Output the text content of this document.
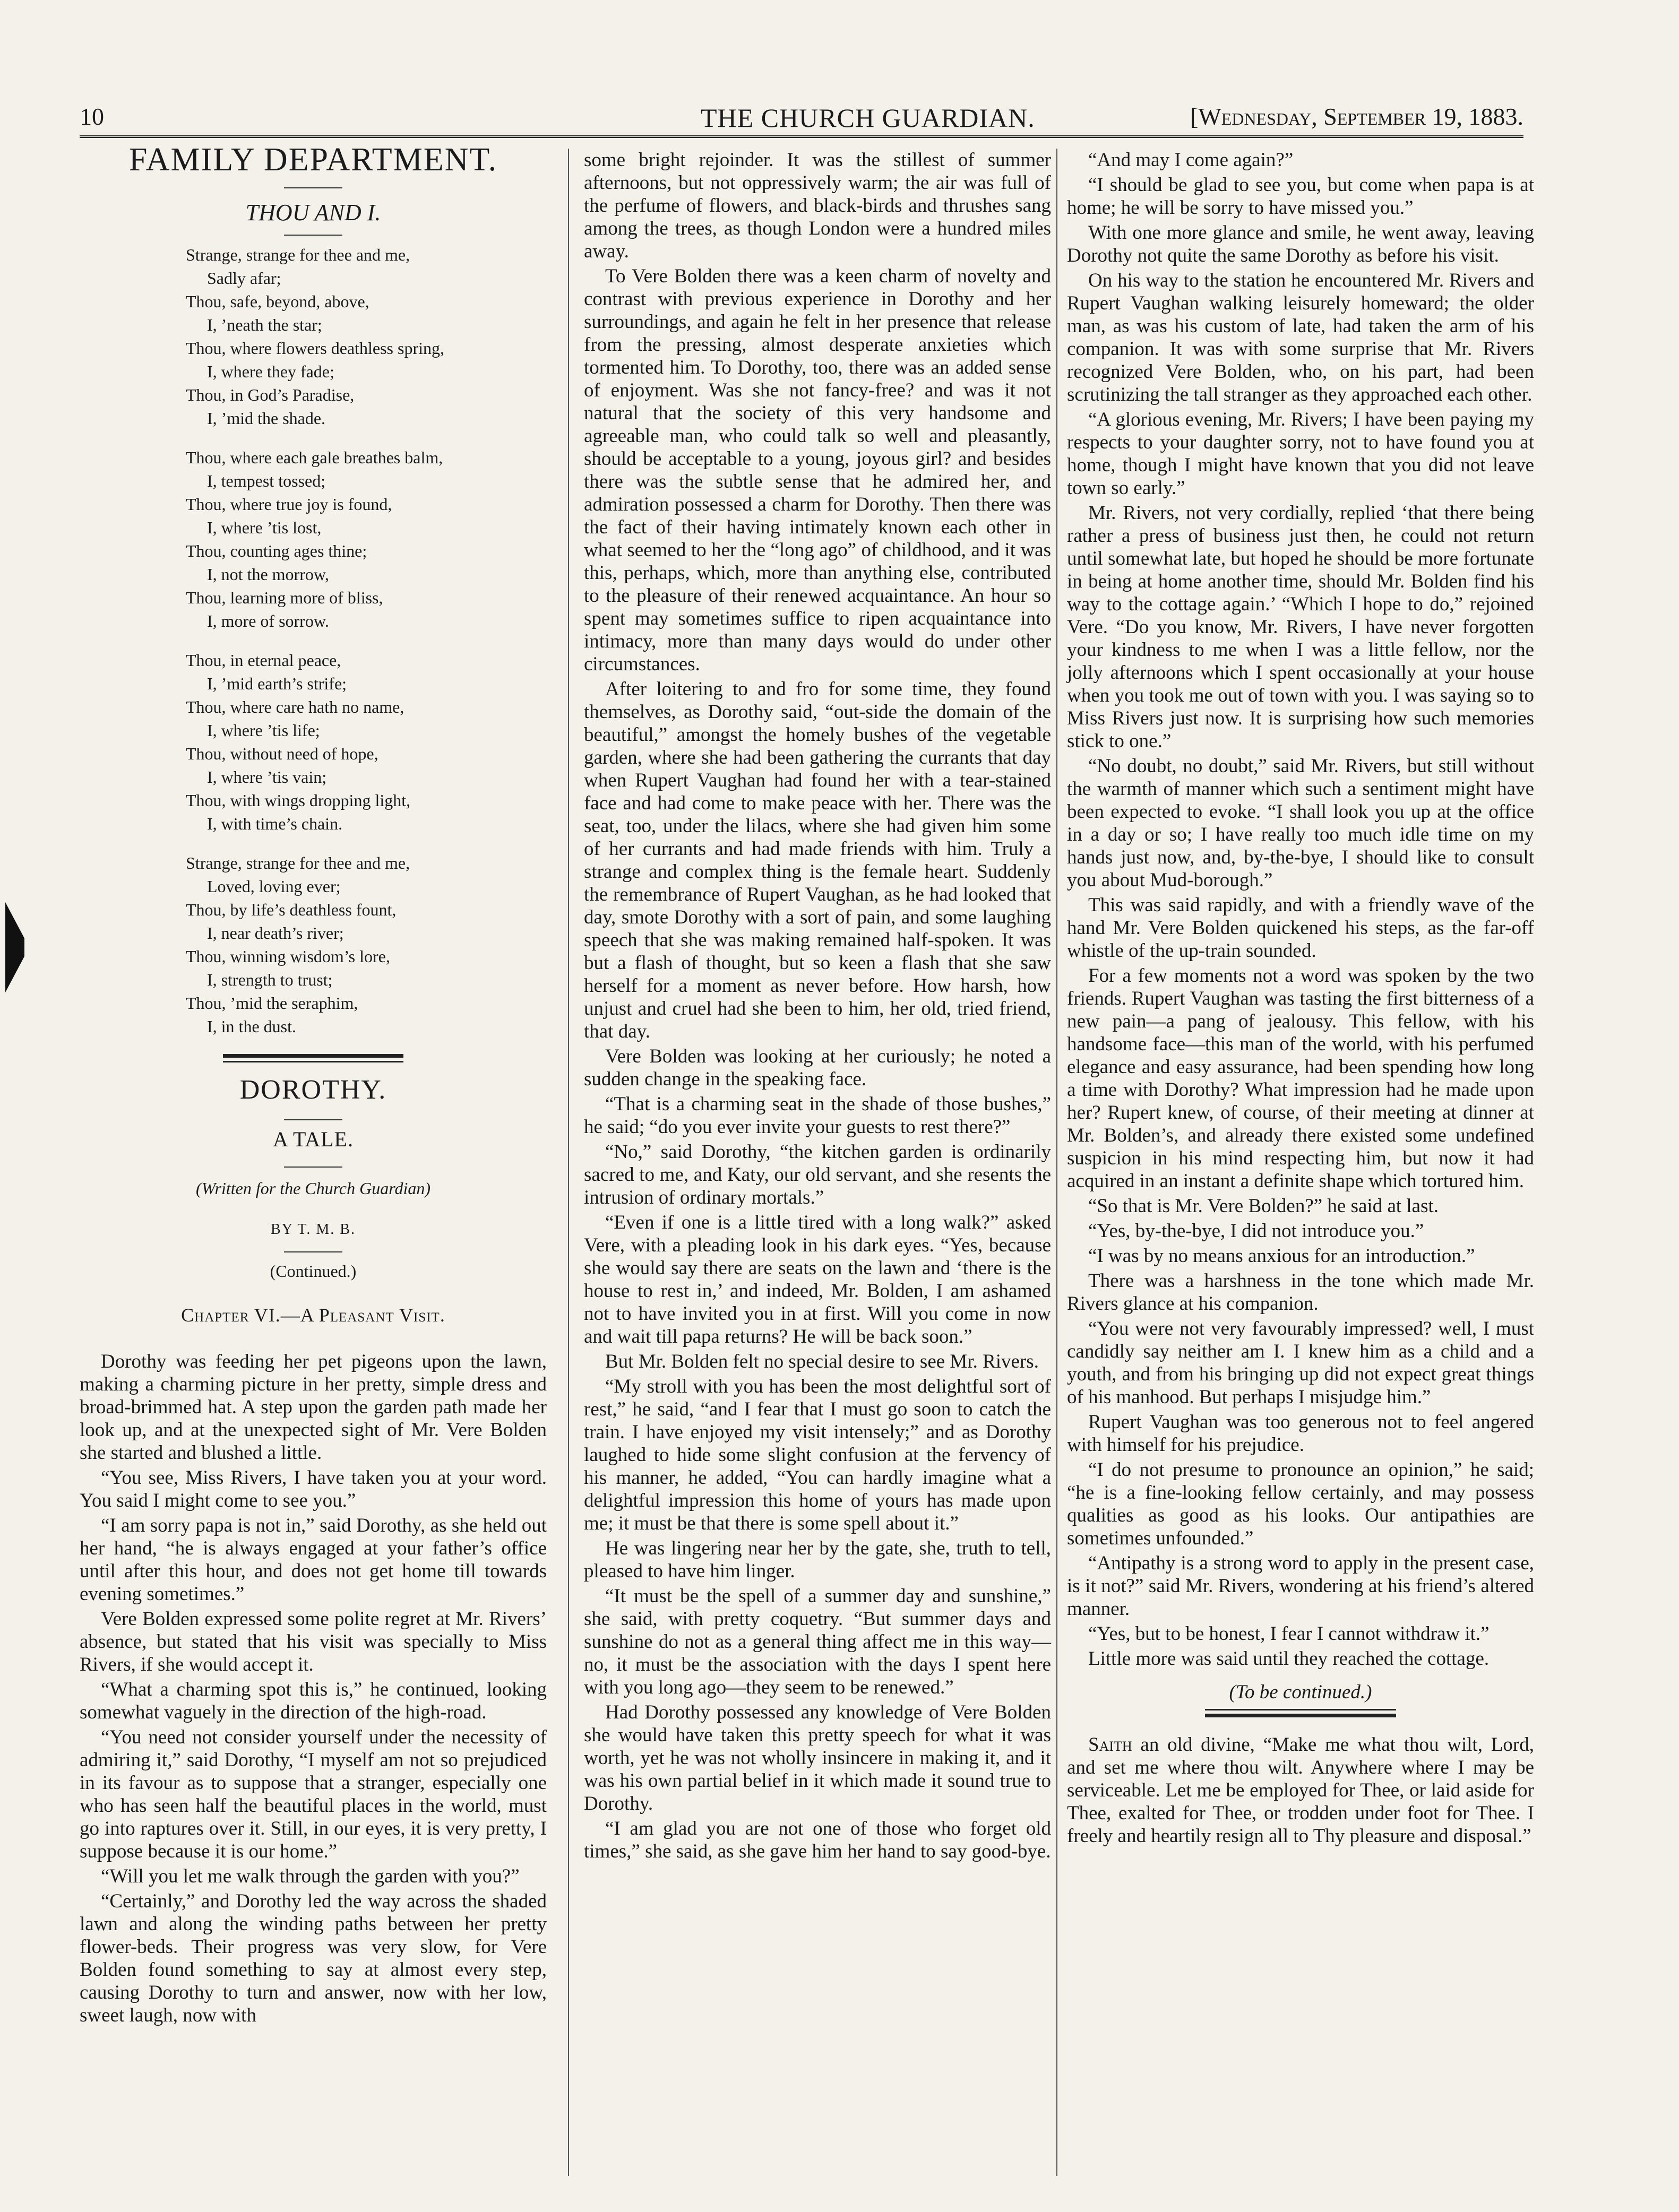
10	THE CHURCH GUARDIAN.	[Wednesday, September 19, 1883.
FAMILY DEPARTMENT.
THOU AND I.
Strange, strange for thee and me,
Sadly afar;
Thou, safe, beyond, above,
I, ’neath the star;
Thou, where flowers deathless spring,
I, where they fade;
Thou, in God’s Paradise,
I, ’mid the shade.
Thou, where each gale breathes balm,
I, tempest tossed;
Thou, where true joy is found,
I, where ’tis lost,
Thou, counting ages thine;
I, not the morrow,
Thou, learning more of bliss,
I, more of sorrow.
Thou, in eternal peace,
I, ’mid earth’s strife;
Thou, where care hath no name,
I, where ’tis life;
Thou, without need of hope,
I, where ’tis vain;
Thou, with wings dropping light,
I, with time’s chain.
Strange, strange for thee and me,
Loved, loving ever;
Thou, by life’s deathless fount,
I, near death’s river;
Thou, winning wisdom’s lore,
I, strength to trust;
Thou, ’mid the seraphim,
I, in the dust.
DOROTHY.
A TALE.
(Written for the Church Guardian)
BY T. M. B.
(Continued.)
Chapter VI.—A Pleasant Visit.

Dorothy was feeding her pet pigeons upon the lawn, making a charming picture in her pretty, simple dress and broad-brimmed hat. A step upon the garden path made her look up, and at the unexpected sight of Mr. Vere Bolden she started and blushed a little.

“You see, Miss Rivers, I have taken you at your word. You said I might come to see you.”

“I am sorry papa is not in,” said Dorothy, as she held out her hand, “he is always engaged at your father’s office until after this hour, and does not get home till towards evening sometimes.”

Vere Bolden expressed some polite regret at Mr. Rivers’ absence, but stated that his visit was specially to Miss Rivers, if she would accept it.

“What a charming spot this is,” he continued, looking somewhat vaguely in the direction of the high-road.

“You need not consider yourself under the necessity of admiring it,” said Dorothy, “I myself am not so prejudiced in its favour as to suppose that a stranger, especially one who has seen half the beautiful places in the world, must go into raptures over it. Still, in our eyes, it is very pretty, I suppose because it is our home.”

“Will you let me walk through the garden with you?”

“Certainly,” and Dorothy led the way across the shaded lawn and along the winding paths between her pretty flower-beds. Their progress was very slow, for Vere Bolden found something to say at almost every step, causing Dorothy to turn and answer, now with her low, sweet laugh, now with

some bright rejoinder. It was the stillest of summer afternoons, but not oppressively warm; the air was full of the perfume of flowers, and black-birds and thrushes sang among the trees, as though London were a hundred miles away.

To Vere Bolden there was a keen charm of novelty and contrast with previous experience in Dorothy and her surroundings, and again he felt in her presence that release from the pressing, almost desperate anxieties which tormented him. To Dorothy, too, there was an added sense of enjoyment. Was she not fancy-free? and was it not natural that the society of this very handsome and agreeable man, who could talk so well and pleasantly, should be acceptable to a young, joyous girl? and besides there was the subtle sense that he admired her, and admiration possessed a charm for Dorothy. Then there was the fact of their having intimately known each other in what seemed to her the “long ago” of childhood, and it was this, perhaps, which, more than anything else, contributed to the pleasure of their renewed acquaintance. An hour so spent may sometimes suffice to ripen acquaintance into intimacy, more than many days would do under other circumstances.

After loitering to and fro for some time, they found themselves, as Dorothy said, “out-side the domain of the beautiful,” amongst the homely bushes of the vegetable garden, where she had been gathering the currants that day when Rupert Vaughan had found her with a tear-stained face and had come to make peace with her. There was the seat, too, under the lilacs, where she had given him some of her currants and had made friends with him. Truly a strange and complex thing is the female heart. Suddenly the remembrance of Rupert Vaughan, as he had looked that day, smote Dorothy with a sort of pain, and some laughing speech that she was making remained half-spoken. It was but a flash of thought, but so keen a flash that she saw herself for a moment as never before. How harsh, how unjust and cruel had she been to him, her old, tried friend, that day.

Vere Bolden was looking at her curiously; he noted a sudden change in the speaking face.

“That is a charming seat in the shade of those bushes,” he said; “do you ever invite your guests to rest there?”

“No,” said Dorothy, “the kitchen garden is ordinarily sacred to me, and Katy, our old servant, and she resents the intrusion of ordinary mortals.”

“Even if one is a little tired with a long walk?” asked Vere, with a pleading look in his dark eyes. “Yes, because she would say there are seats on the lawn and ‘there is the house to rest in,’ and indeed, Mr. Bolden, I am ashamed not to have invited you in at first. Will you come in now and wait till papa returns? He will be back soon.”

But Mr. Bolden felt no special desire to see Mr. Rivers.

“My stroll with you has been the most delightful sort of rest,” he said, “and I fear that I must go soon to catch the train. I have enjoyed my visit intensely;” and as Dorothy laughed to hide some slight confusion at the fervency of his manner, he added, “You can hardly imagine what a delightful impression this home of yours has made upon me; it must be that there is some spell about it.”

He was lingering near her by the gate, she, truth to tell, pleased to have him linger.

“It must be the spell of a summer day and sunshine,” she said, with pretty coquetry. “But summer days and sunshine do not as a general thing affect me in this way—no, it must be the association with the days I spent here with you long ago—they seem to be renewed.”

Had Dorothy possessed any knowledge of Vere Bolden she would have taken this pretty speech for what it was worth, yet he was not wholly insincere in making it, and it was his own partial belief in it which made it sound true to Dorothy.

“I am glad you are not one of those who forget old times,” she said, as she gave him her hand to say good-bye.

“And may I come again?”

“I should be glad to see you, but come when papa is at home; he will be sorry to have missed you.”

With one more glance and smile, he went away, leaving Dorothy not quite the same Dorothy as before his visit.

On his way to the station he encountered Mr. Rivers and Rupert Vaughan walking leisurely homeward; the older man, as was his custom of late, had taken the arm of his companion. It was with some surprise that Mr. Rivers recognized Vere Bolden, who, on his part, had been scrutinizing the tall stranger as they approached each other.

“A glorious evening, Mr. Rivers; I have been paying my respects to your daughter sorry, not to have found you at home, though I might have known that you did not leave town so early.”

Mr. Rivers, not very cordially, replied ‘that there being rather a press of business just then, he could not return until somewhat late, but hoped he should be more fortunate in being at home another time, should Mr. Bolden find his way to the cottage again.’ “Which I hope to do,” rejoined Vere. “Do you know, Mr. Rivers, I have never forgotten your kindness to me when I was a little fellow, nor the jolly afternoons which I spent occasionally at your house when you took me out of town with you. I was saying so to Miss Rivers just now. It is surprising how such memories stick to one.”

“No doubt, no doubt,” said Mr. Rivers, but still without the warmth of manner which such a sentiment might have been expected to evoke. “I shall look you up at the office in a day or so; I have really too much idle time on my hands just now, and, by-the-bye, I should like to consult you about Mud-borough.”

This was said rapidly, and with a friendly wave of the hand Mr. Vere Bolden quickened his steps, as the far-off whistle of the up-train sounded.

For a few moments not a word was spoken by the two friends. Rupert Vaughan was tasting the first bitterness of a new pain—a pang of jealousy. This fellow, with his handsome face—this man of the world, with his perfumed elegance and easy assurance, had been spending how long a time with Dorothy? What impression had he made upon her? Rupert knew, of course, of their meeting at dinner at Mr. Bolden’s, and already there existed some undefined suspicion in his mind respecting him, but now it had acquired in an instant a definite shape which tortured him.

“So that is Mr. Vere Bolden?” he said at last.

“Yes, by-the-bye, I did not introduce you.”

“I was by no means anxious for an introduction.”

There was a harshness in the tone which made Mr. Rivers glance at his companion.

“You were not very favourably impressed? well, I must candidly say neither am I. I knew him as a child and a youth, and from his bringing up did not expect great things of his manhood. But perhaps I misjudge him.”

Rupert Vaughan was too generous not to feel angered with himself for his prejudice.

“I do not presume to pronounce an opinion,” he said; “he is a fine-looking fellow certainly, and may possess qualities as good as his looks. Our antipathies are sometimes unfounded.”

“Antipathy is a strong word to apply in the present case, is it not?” said Mr. Rivers, wondering at his friend’s altered manner.

“Yes, but to be honest, I fear I cannot withdraw it.”

Little more was said until they reached the cottage.

(To be continued.)

Saith an old divine, “Make me what thou wilt, Lord, and set me where thou wilt. Anywhere where I may be serviceable. Let me be employed for Thee, or laid aside for Thee, exalted for Thee, or trodden under foot for Thee. I freely and heartily resign all to Thy pleasure and disposal.”
